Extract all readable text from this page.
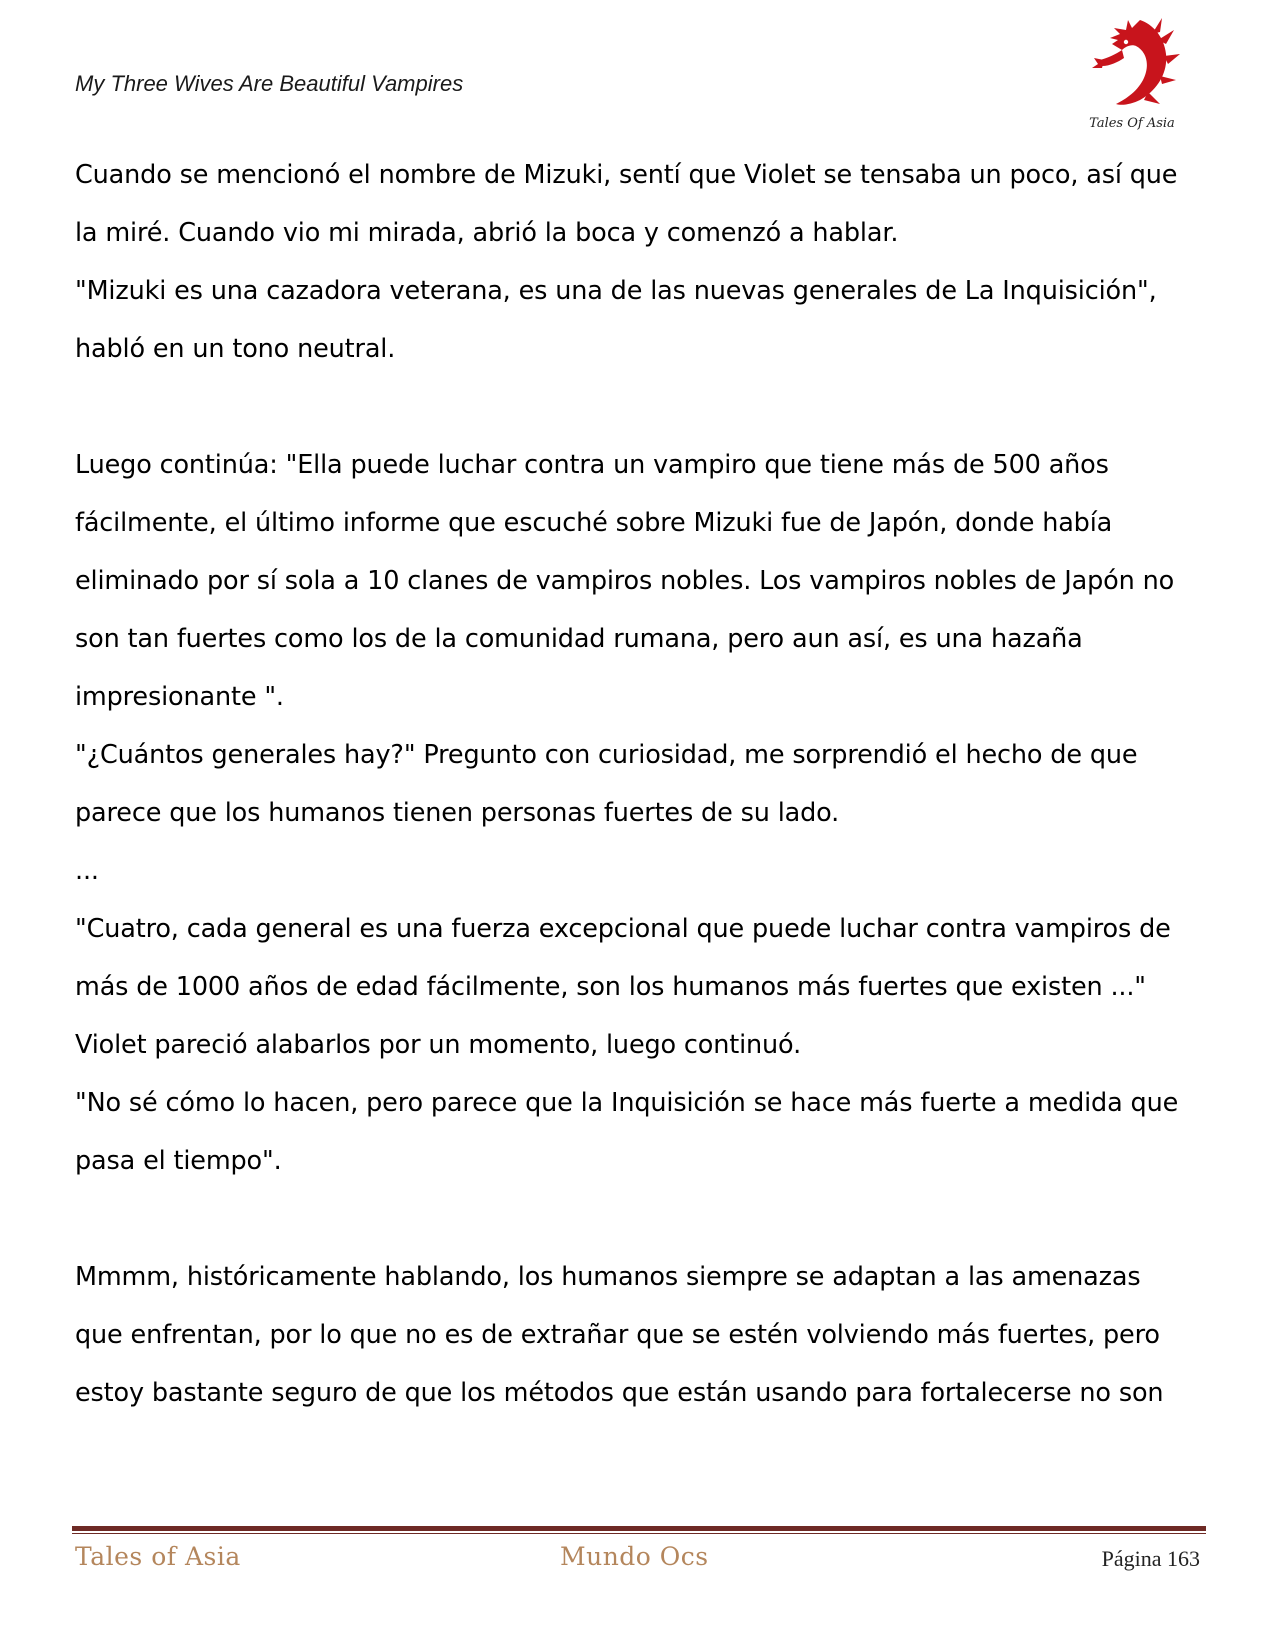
My Three Wives Are Beautiful Vampires
Tales Of Asia
Cuando se mencionó el nombre de Mizuki, sentí que Violet se tensaba un poco, así que
la miré. Cuando vio mi mirada, abrió la boca y comenzó a hablar.
"Mizuki es una cazadora veterana, es una de las nuevas generales de La Inquisición",
habló en un tono neutral.
Luego continúa: "Ella puede luchar contra un vampiro que tiene más de 500 años
fácilmente, el último informe que escuché sobre Mizuki fue de Japón, donde había
eliminado por sí sola a 10 clanes de vampiros nobles. Los vampiros nobles de Japón no
son tan fuertes como los de la comunidad rumana, pero aun así, es una hazaña
impresionante ".
"¿Cuántos generales hay?" Pregunto con curiosidad, me sorprendió el hecho de que
parece que los humanos tienen personas fuertes de su lado.
...
"Cuatro, cada general es una fuerza excepcional que puede luchar contra vampiros de
más de 1000 años de edad fácilmente, son los humanos más fuertes que existen ..."
Violet pareció alabarlos por un momento, luego continuó.
"No sé cómo lo hacen, pero parece que la Inquisición se hace más fuerte a medida que
pasa el tiempo".
Mmmm, históricamente hablando, los humanos siempre se adaptan a las amenazas
que enfrentan, por lo que no es de extrañar que se estén volviendo más fuertes, pero
estoy bastante seguro de que los métodos que están usando para fortalecerse no son
Tales of Asia	Mundo Ocs	Página 163
